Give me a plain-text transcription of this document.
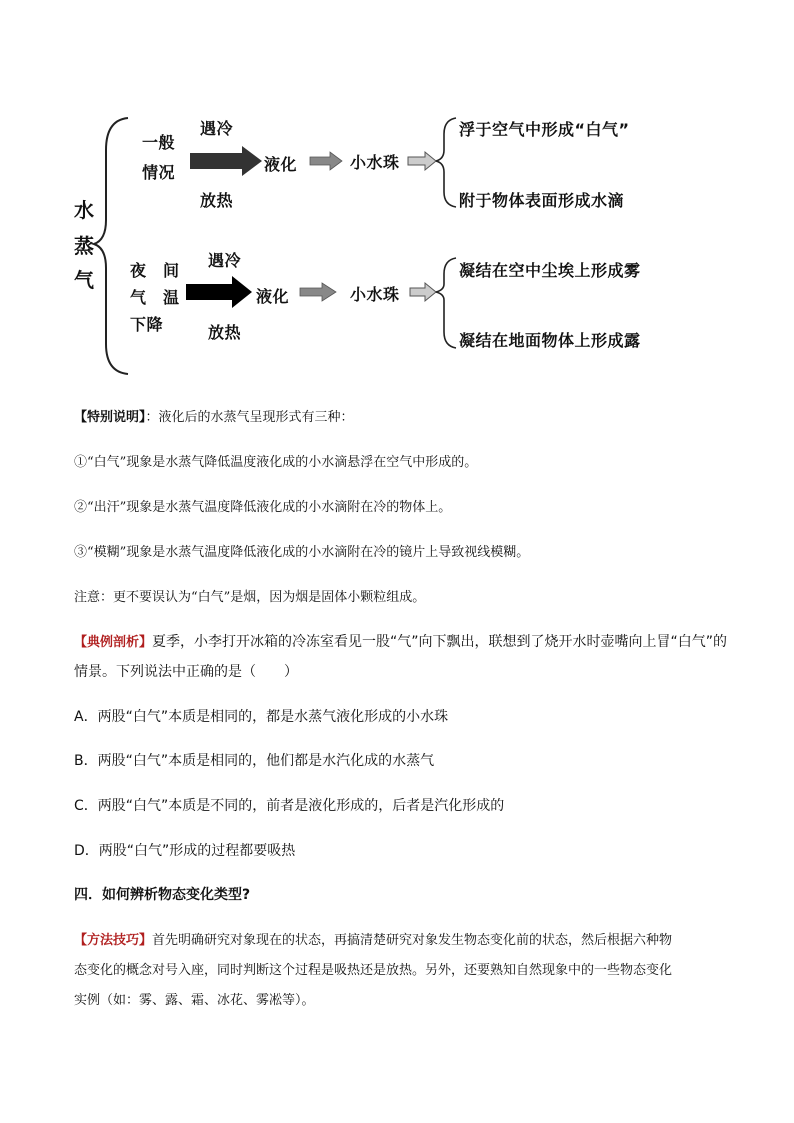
水
蒸
气
一般
情况
遇冷
放热
液化	小水珠
浮于空气中形成“白气”
附于物体表面形成水滴
夜　间
气　温
下降
遇冷
放热
液化	小水珠
凝结在空中尘埃上形成雾
凝结在地面物体上形成露
【特别说明】：液化后的水蒸气呈现形式有三种：
①“白气”现象是水蒸气降低温度液化成的小水滴悬浮在空气中形成的。
②“出汗”现象是水蒸气温度降低液化成的小水滴附在冷的物体上。
③“模糊”现象是水蒸气温度降低液化成的小水滴附在冷的镜片上导致视线模糊。
注意：更不要误认为“白气”是烟，因为烟是固体小颗粒组成。
【典例剖析】夏季，小李打开冰箱的冷冻室看见一股“气”向下飘出，联想到了烧开水时壶嘴向上冒“白气”的
情景。下列说法中正确的是（　　）
A．两股“白气”本质是相同的，都是水蒸气液化形成的小水珠
B．两股“白气”本质是相同的，他们都是水汽化成的水蒸气
C．两股“白气”本质是不同的，前者是液化形成的，后者是汽化形成的
D．两股“白气”形成的过程都要吸热
四．如何辨析物态变化类型?
【方法技巧】首先明确研究对象现在的状态，再搞清楚研究对象发生物态变化前的状态，然后根据六种物
态变化的概念对号入座，同时判断这个过程是吸热还是放热。另外，还要熟知自然现象中的一些物态变化
实例（如：雾、露、霜、冰花、雾凇等）。
